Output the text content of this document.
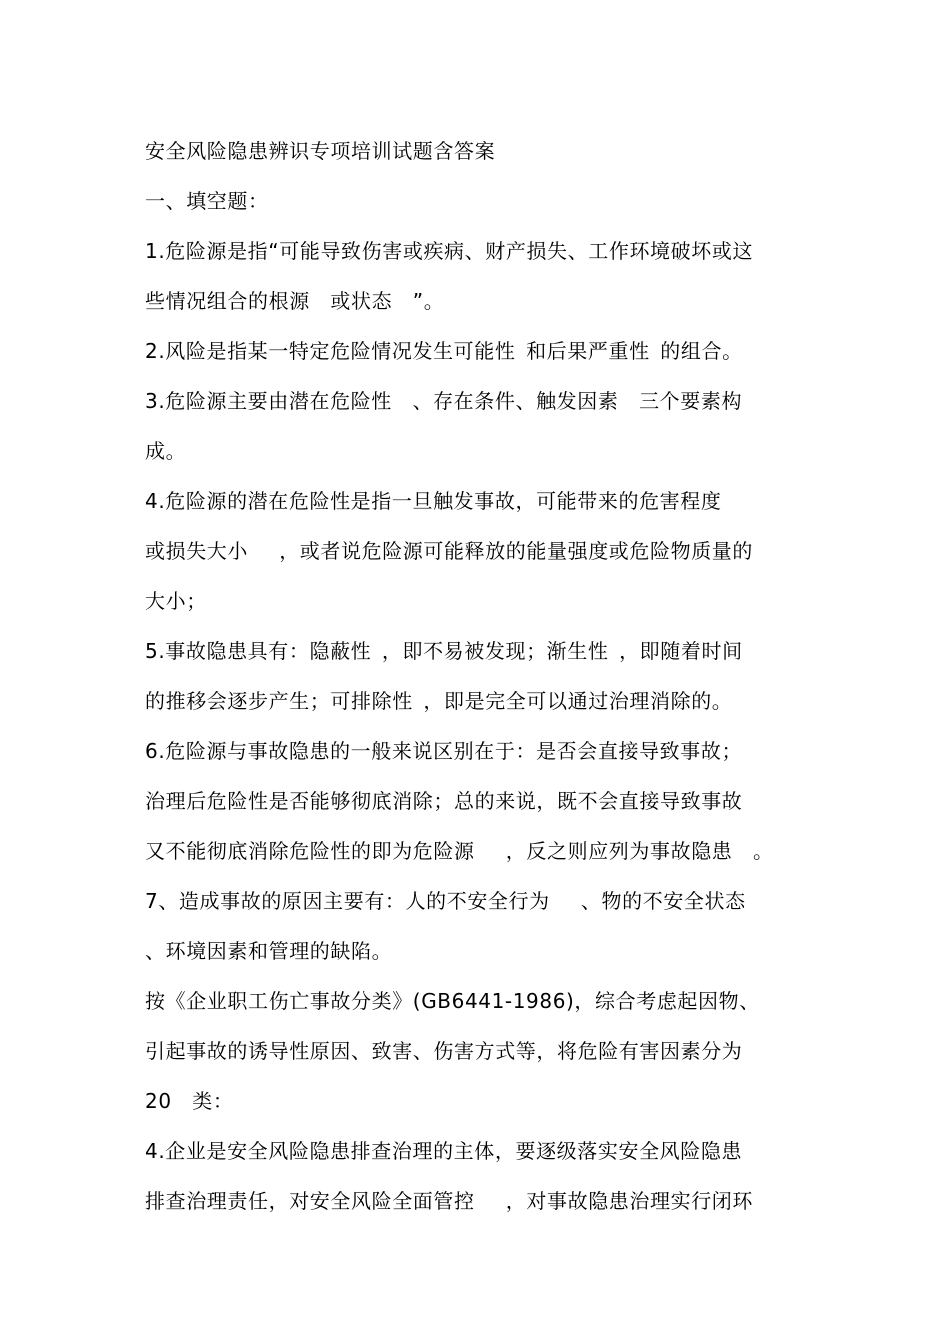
安全风险隐患辨识专项培训试题含答案
一、填空题：
1.危险源是指“可能导致伤害或疾病、财产损失、工作环境破坏或这
些情况组合的根源　或状态　”。
2.风险是指某一特定危险情况发生可能性 和后果严重性 的组合。
3.危险源主要由潜在危险性　、存在条件、触发因素　三个要素构
成。
4.危险源的潜在危险性是指一旦触发事故，可能带来的危害程度
或损失大小　 ，或者说危险源可能释放的能量强度或危险物质量的
大小；
5.事故隐患具有：隐蔽性 ，即不易被发现；渐生性 ，即随着时间
的推移会逐步产生；可排除性 ，即是完全可以通过治理消除的。
6.危险源与事故隐患的一般来说区别在于：是否会直接导致事故；
治理后危险性是否能够彻底消除；总的来说，既不会直接导致事故
又不能彻底消除危险性的即为危险源　 ，反之则应列为事故隐患　。
7、造成事故的原因主要有：人的不安全行为　 、物的不安全状态
、环境因素和管理的缺陷。
按《企业职工伤亡事故分类》(GB6441-1986)，综合考虑起因物、
引起事故的诱导性原因、致害、伤害方式等，将危险有害因素分为
20　类：
4.企业是安全风险隐患排查治理的主体，要逐级落实安全风险隐患
排查治理责任，对安全风险全面管控　 ，对事故隐患治理实行闭环
